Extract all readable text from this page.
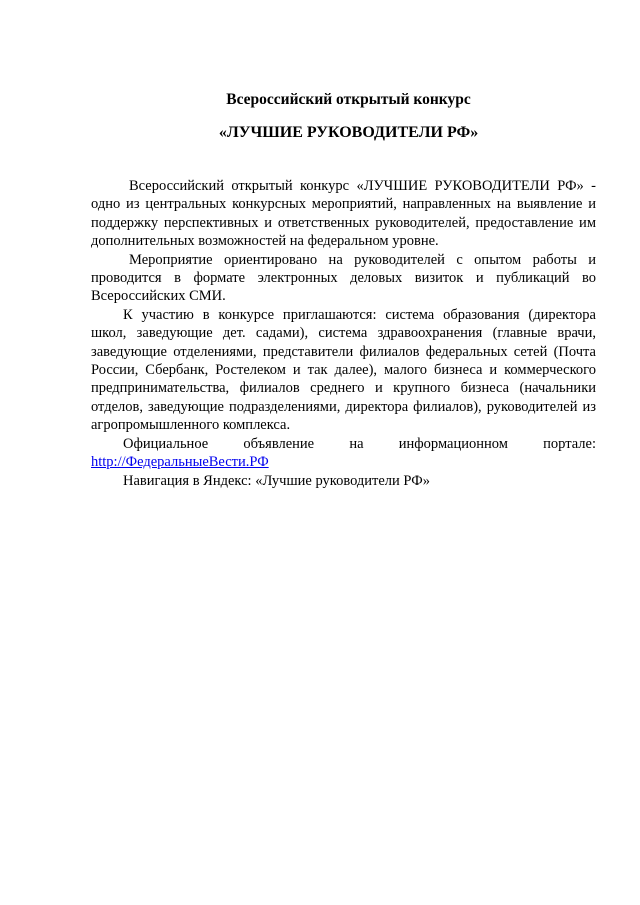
Всероссийский открытый конкурс

«ЛУЧШИЕ РУКОВОДИТЕЛИ РФ»

Всероссийский открытый конкурс «ЛУЧШИЕ РУКОВОДИТЕЛИ РФ» - одно из центральных конкурсных мероприятий, направленных на выявление и поддержку перспективных и ответственных руководителей, предоставление им дополнительных возможностей на федеральном уровне.

Мероприятие ориентировано на руководителей с опытом работы и проводится в формате электронных деловых визиток и публикаций во Всероссийских СМИ.

К участию в конкурсе приглашаются: система образования (директора школ, заведующие дет. садами), система здравоохранения (главные врачи, заведующие отделениями, представители филиалов федеральных сетей (Почта России, Сбербанк, Ростелеком и так далее), малого бизнеса и коммерческого предпринимательства, филиалов среднего и крупного бизнеса (начальники отделов, заведующие подразделениями, директора филиалов), руководителей из агропромышленного комплекса.

Официальное объявление на информационном портале:

http://ФедеральныеВести.РФ

Навигация в Яндекс: «Лучшие руководители РФ»
